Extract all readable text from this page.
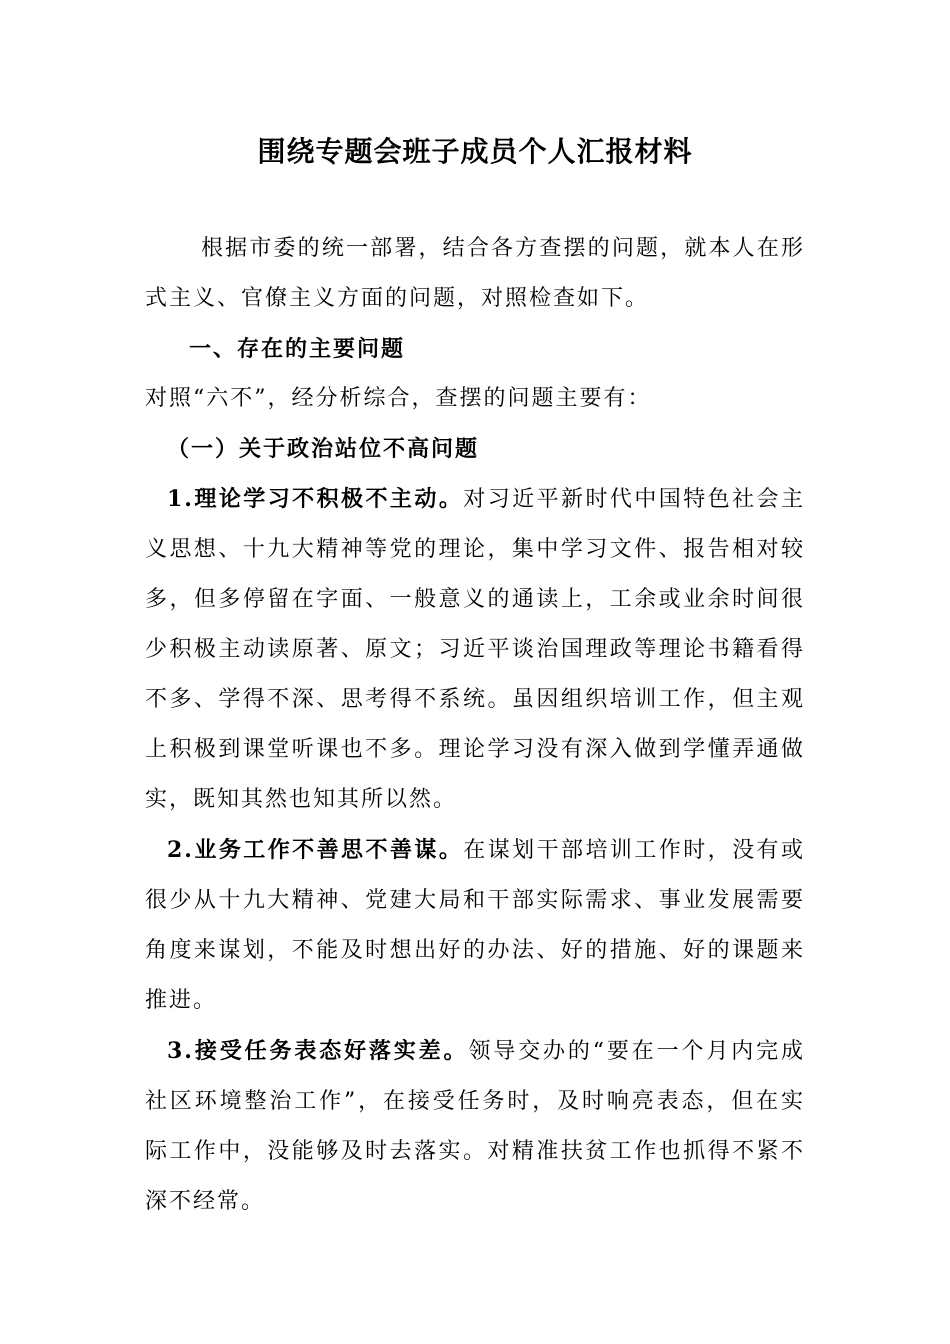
围绕专题会班子成员个人汇报材料

根据市委的统一部署，结合各方查摆的问题，就本人在形式主义、官僚主义方面的问题，对照检查如下。

一、存在的主要问题

对照“六不”，经分析综合，查摆的问题主要有：

（一）关于政治站位不高问题

1.理论学习不积极不主动。对习近平新时代中国特色社会主义思想、十九大精神等党的理论，集中学习文件、报告相对较多，但多停留在字面、一般意义的通读上，工余或业余时间很少积极主动读原著、原文；习近平谈治国理政等理论书籍看得不多、学得不深、思考得不系统。虽因组织培训工作，但主观上积极到课堂听课也不多。理论学习没有深入做到学懂弄通做实，既知其然也知其所以然。

2.业务工作不善思不善谋。在谋划干部培训工作时，没有或很少从十九大精神、党建大局和干部实际需求、事业发展需要角度来谋划，不能及时想出好的办法、好的措施、好的课题来推进。

3.接受任务表态好落实差。领导交办的“要在一个月内完成社区环境整治工作”，在接受任务时，及时响亮表态，但在实际工作中，没能够及时去落实。对精准扶贫工作也抓得不紧不深不经常。
